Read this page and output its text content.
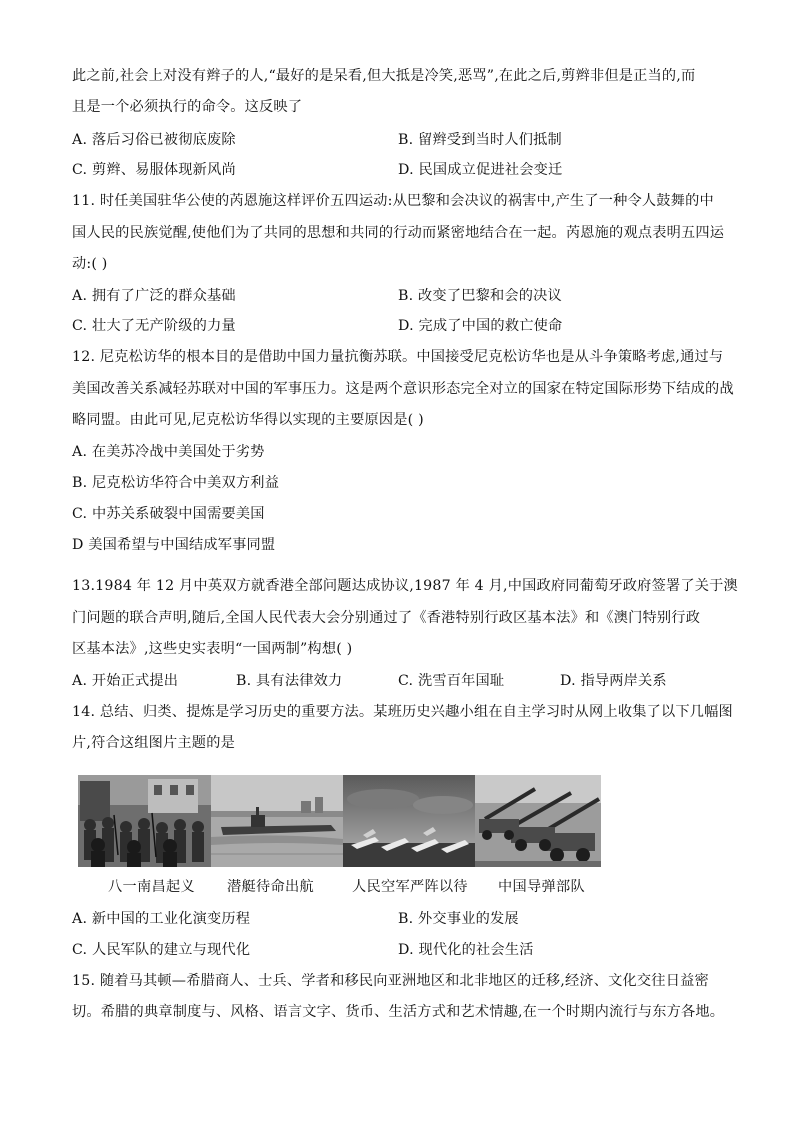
此之前,社会上对没有辫子的人,“最好的是呆看,但大抵是冷笑,恶骂”,在此之后,剪辫非但是正当的,而
且是一个必须执行的命令。这反映了
A. 落后习俗已被彻底废除	B. 留辫受到当时人们抵制
C. 剪辫、易服体现新风尚	D. 民国成立促进社会变迁
11. 时任美国驻华公使的芮恩施这样评价五四运动:从巴黎和会决议的祸害中,产生了一种令人鼓舞的中
国人民的民族觉醒,使他们为了共同的思想和共同的行动而紧密地结合在一起。芮恩施的观点表明五四运
动:( )
A. 拥有了广泛的群众基础	B. 改变了巴黎和会的决议
C. 壮大了无产阶级的力量	D. 完成了中国的救亡使命
12. 尼克松访华的根本目的是借助中国力量抗衡苏联。中国接受尼克松访华也是从斗争策略考虑,通过与
美国改善关系减轻苏联对中国的军事压力。这是两个意识形态完全对立的国家在特定国际形势下结成的战
略同盟。由此可见,尼克松访华得以实现的主要原因是( )
A. 在美苏冷战中美国处于劣势
B. 尼克松访华符合中美双方利益
C. 中苏关系破裂中国需要美国
D 美国希望与中国结成军事同盟
13.1984 年 12 月中英双方就香港全部问题达成协议,1987 年 4 月,中国政府同葡萄牙政府签署了关于澳
门问题的联合声明,随后,全国人民代表大会分别通过了《香港特别行政区基本法》和《澳门特别行政
区基本法》,这些史实表明“一国两制”构想( )
A. 开始正式提出	B. 具有法律效力	C. 洗雪百年国耻	D. 指导两岸关系
14. 总结、归类、提炼是学习历史的重要方法。某班历史兴趣小组在自主学习时从网上收集了以下几幅图
片,符合这组图片主题的是
八一南昌起义 潜艇待命出航	人民空军严阵以待 中国导弹部队
A. 新中国的工业化演变历程	B. 外交事业的发展
C. 人民军队的建立与现代化	D. 现代化的社会生活
15. 随着马其顿—希腊商人、士兵、学者和移民向亚洲地区和北非地区的迁移,经济、文化交往日益密
切。希腊的典章制度与、风格、语言文字、货币、生活方式和艺术情趣,在一个时期内流行与东方各地。
